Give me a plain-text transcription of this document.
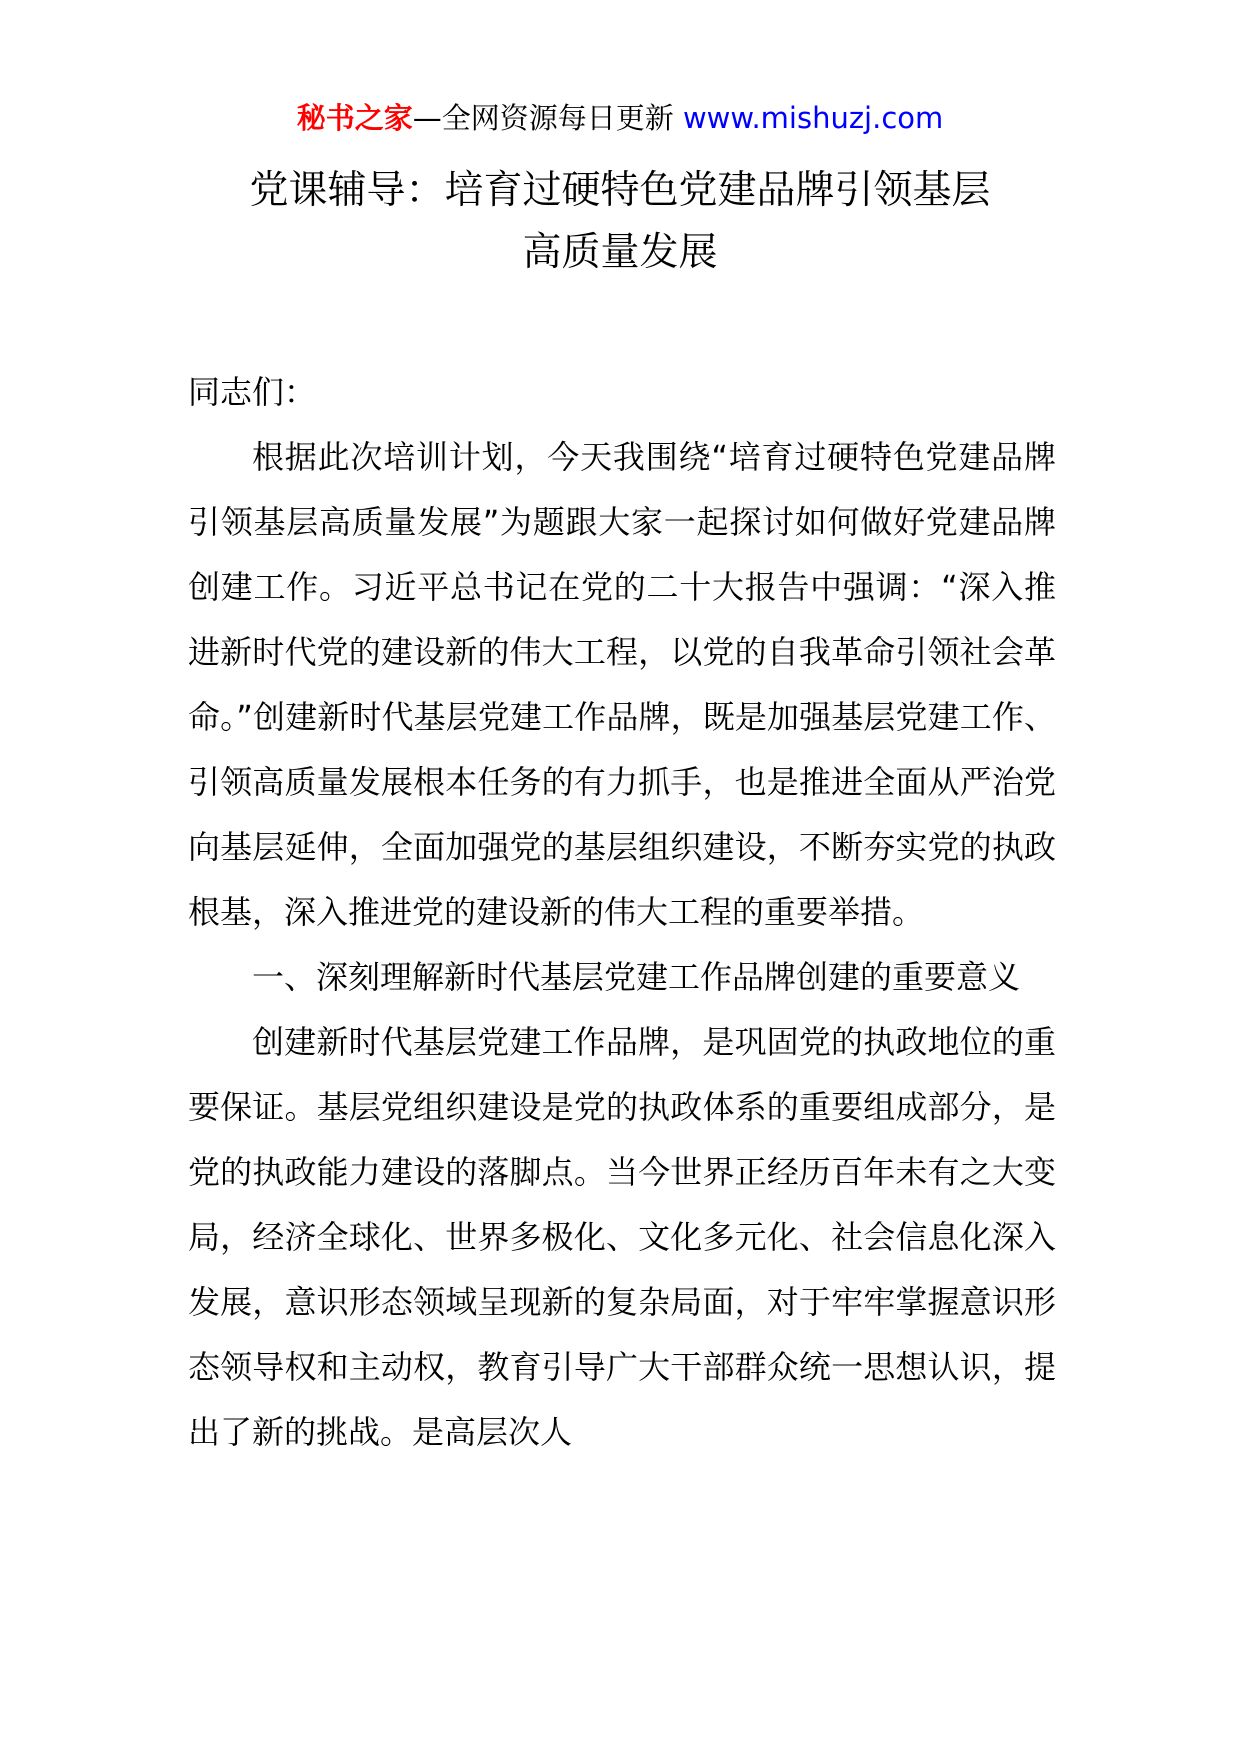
秘书之家—全网资源每日更新 www.mishuzj.com
党课辅导：培育过硬特色党建品牌引领基层
高质量发展

同志们：

根据此次培训计划，今天我围绕“培育过硬特色党建品牌引领基层高质量发展”为题跟大家一起探讨如何做好党建品牌创建工作。习近平总书记在党的二十大报告中强调：“深入推进新时代党的建设新的伟大工程，以党的自我革命引领社会革命。”创建新时代基层党建工作品牌，既是加强基层党建工作、引领高质量发展根本任务的有力抓手，也是推进全面从严治党向基层延伸，全面加强党的基层组织建设，不断夯实党的执政根基，深入推进党的建设新的伟大工程的重要举措。

一、深刻理解新时代基层党建工作品牌创建的重要意义

创建新时代基层党建工作品牌，是巩固党的执政地位的重要保证。基层党组织建设是党的执政体系的重要组成部分，是党的执政能力建设的落脚点。当今世界正经历百年未有之大变局，经济全球化、世界多极化、文化多元化、社会信息化深入发展，意识形态领域呈现新的复杂局面，对于牢牢掌握意识形态领导权和主动权，教育引导广大干部群众统一思想认识，提出了新的挑战。是高层次人
